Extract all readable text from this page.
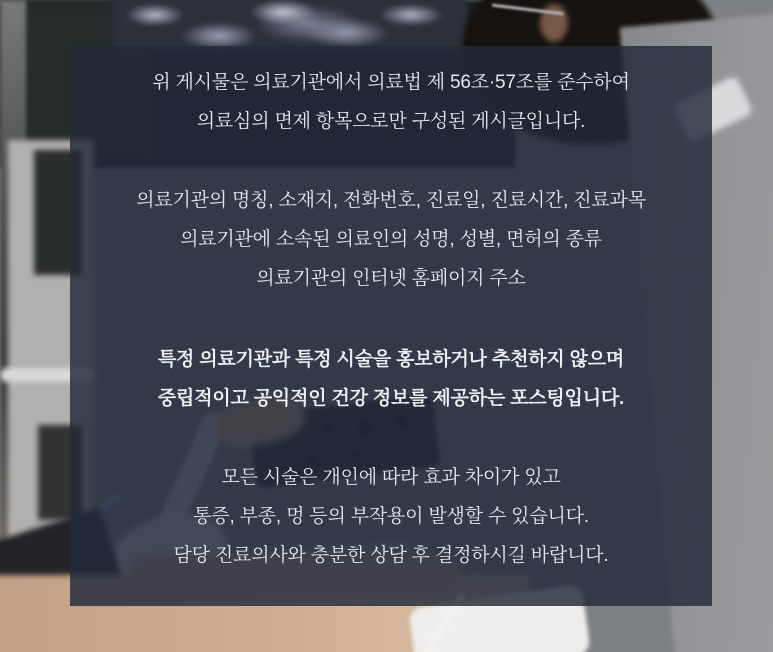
위 게시물은 의료기관에서 의료법 제 56조·57조를 준수하여

의료심의 면제 항목으로만 구성된 게시글입니다.

의료기관의 명칭, 소재지, 전화번호, 진료일, 진료시간, 진료과목

의료기관에 소속된 의료인의 성명, 성별, 면허의 종류

의료기관의 인터넷 홈페이지 주소

특정 의료기관과 특정 시술을 홍보하거나 추천하지 않으며

중립적이고 공익적인 건강 정보를 제공하는 포스팅입니다.

모든 시술은 개인에 따라 효과 차이가 있고

통증, 부종, 멍 등의 부작용이 발생할 수 있습니다.

담당 진료의사와 충분한 상담 후 결정하시길 바랍니다.
